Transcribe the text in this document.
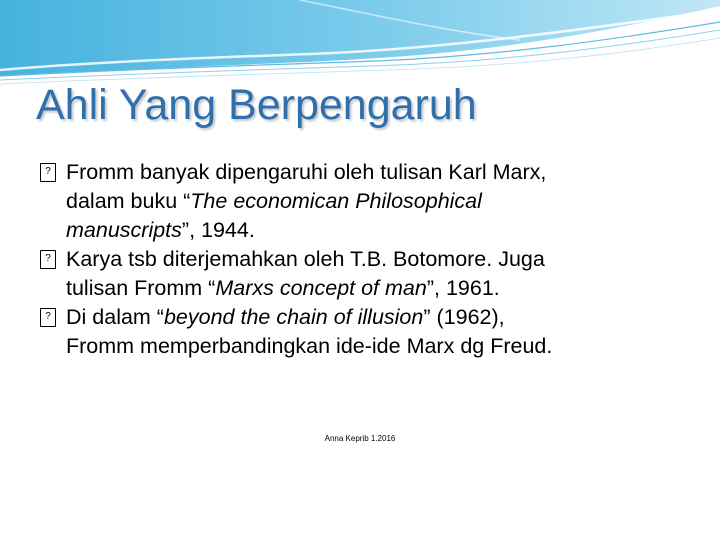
Ahli Yang Berpengaruh
? Fromm banyak dipengaruhi oleh tulisan Karl Marx,
dalam buku “The economican Philosophical
manuscripts”, 1944.
? Karya tsb diterjemahkan oleh T.B. Botomore. Juga
tulisan Fromm “Marxs concept of man”, 1961.
? Di dalam “beyond the chain of illusion” (1962),
Fromm memperbandingkan ide-ide Marx dg Freud.
Anna Keprib 1.2016
